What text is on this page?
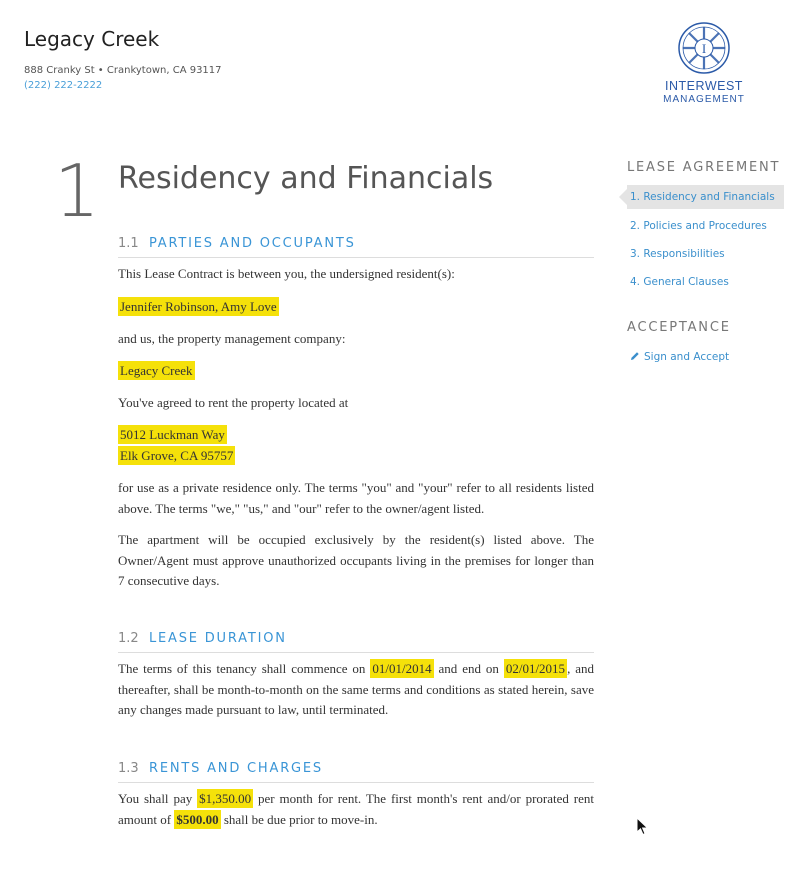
Legacy Creek
888 Cranky St • Crankytown, CA 93117
(222) 222-2222
I
INTERWEST
MANAGEMENT
1 Residency and Financials
1.1 PARTIES AND OCCUPANTS

This Lease Contract is between you, the undersigned resident(s):

Jennifer Robinson, Amy Love

and us, the property management company:

Legacy Creek

You've agreed to rent the property located at

5012 Luckman Way

Elk Grove, CA 95757

for use as a private residence only. The terms "you" and "your" refer to all residents listed above. The terms "we," "us," and "our" refer to the owner/agent listed.

The apartment will be occupied exclusively by the resident(s) listed above. The Owner/Agent must approve unauthorized occupants living in the premises for longer than 7 consecutive days.

1.2 LEASE DURATION

The terms of this tenancy shall commence on 01/01/2014 and end on 02/01/2015 , and thereafter, shall be month-to-month on the same terms and conditions as stated herein, save any changes made pursuant to law, until terminated.

1.3 RENTS AND CHARGES

You shall pay $1,350.00 per month for rent. The first month's rent and/or prorated rent amount of $500.00 shall be due prior to move-in.

LEASE AGREEMENT
1. Residency and Financials
2. Policies and Procedures
3. Responsibilities
4. General Clauses
ACCEPTANCE
Sign and Accept
